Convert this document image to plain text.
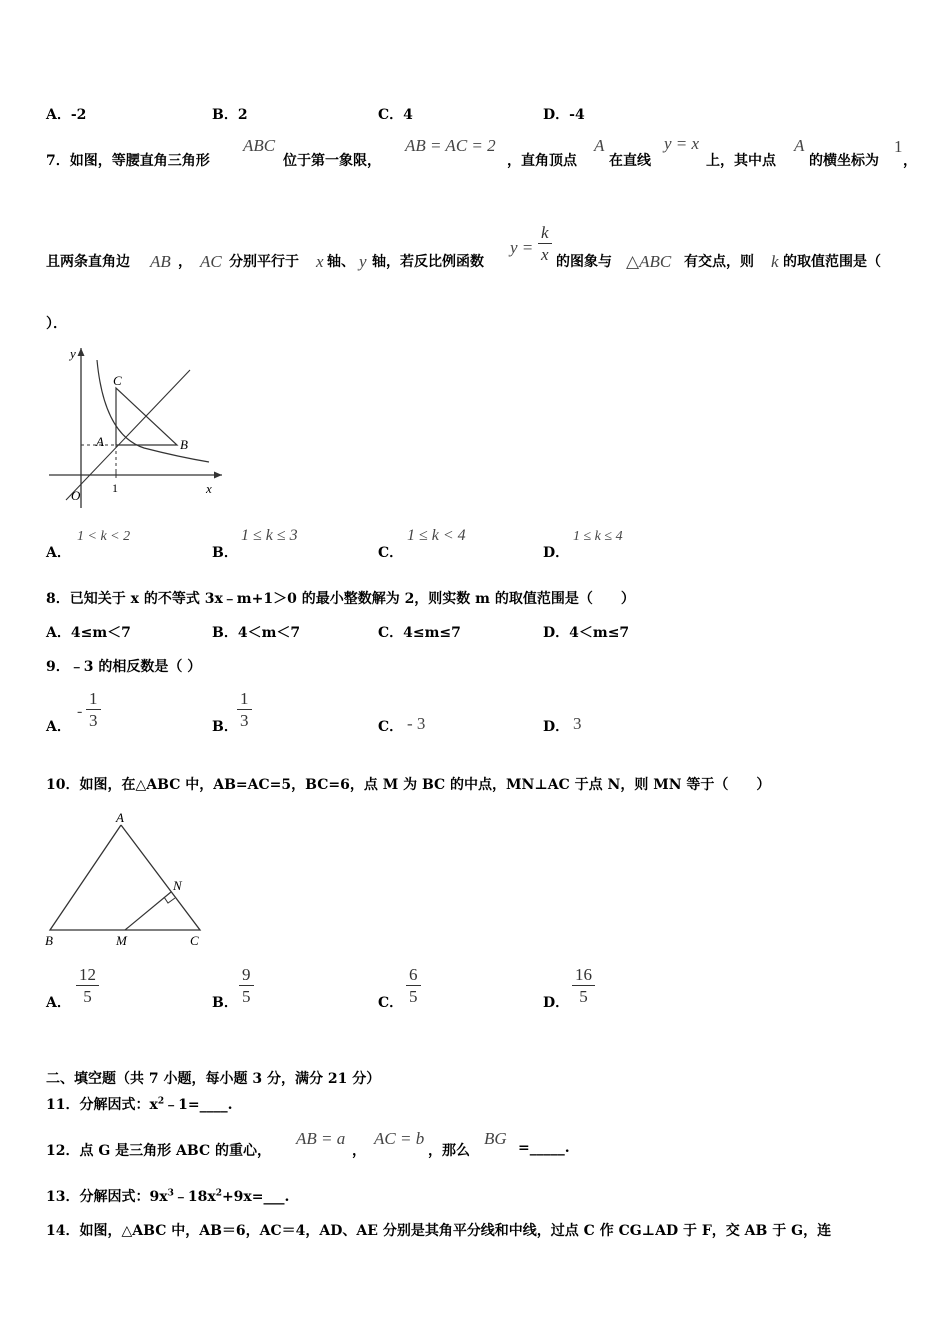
A．-2	B．2	C．4	D．-4
7．如图，等腰直角三角形
ABC
位于第一象限，
AB = AC = 2
，直角顶点
A
在直线
y = x
上，其中点
A
的横坐标为
1
，
且两条直角边 AB ， AC 分别平行于 x 轴、 y 轴，若反比例函数
$y = \frac{k}{x}$ 的图象与 △ABC 有交点，则 k 的取值范围是（
）．
y
C
A	B
O	1	x
A．
1 < k < 2
B．
1 ≤ k ≤ 3
C．
1 ≤ k < 4
D．
1 ≤ k ≤ 4
8．已知关于 x 的不等式 3x﹣m+1＞0 的最小整数解为 2，则实数 m 的取值范围是（　　）
A．4≤m＜7	B．4＜m＜7	C．4≤m≤7	D．4＜m≤7
9．﹣3 的相反数是（ ）
A．
- $\frac{1}{3}$	B． $\frac{1}{3}$	C． - 3	D． 3
10．如图，在△ABC 中，AB=AC=5，BC=6，点 M 为 BC 的中点，MN⊥AC 于点 N，则 MN 等于（　　）
A
N
B	M	C
A． $\frac{12}{5}$	B． $\frac{9}{5}$	C． $\frac{6}{5}$	D． $\frac{16}{5}$
二、填空题（共 7 小题，每小题 3 分，满分 21 分）
11．分解因式：$x^2﹣1=\_\_\_\_$.
12．点 G 是三角形 ABC 的重心，
AB = a
，
AC = b
，那么
BG =_____.
13．分解因式：$9x^3﹣18x^2+9x=\_\_\_$.
14．如图，△ABC 中，AB＝6，AC＝4，AD、AE 分别是其角平分线和中线，过点 C 作 CG⊥AD 于 F，交 AB 于 G，连
